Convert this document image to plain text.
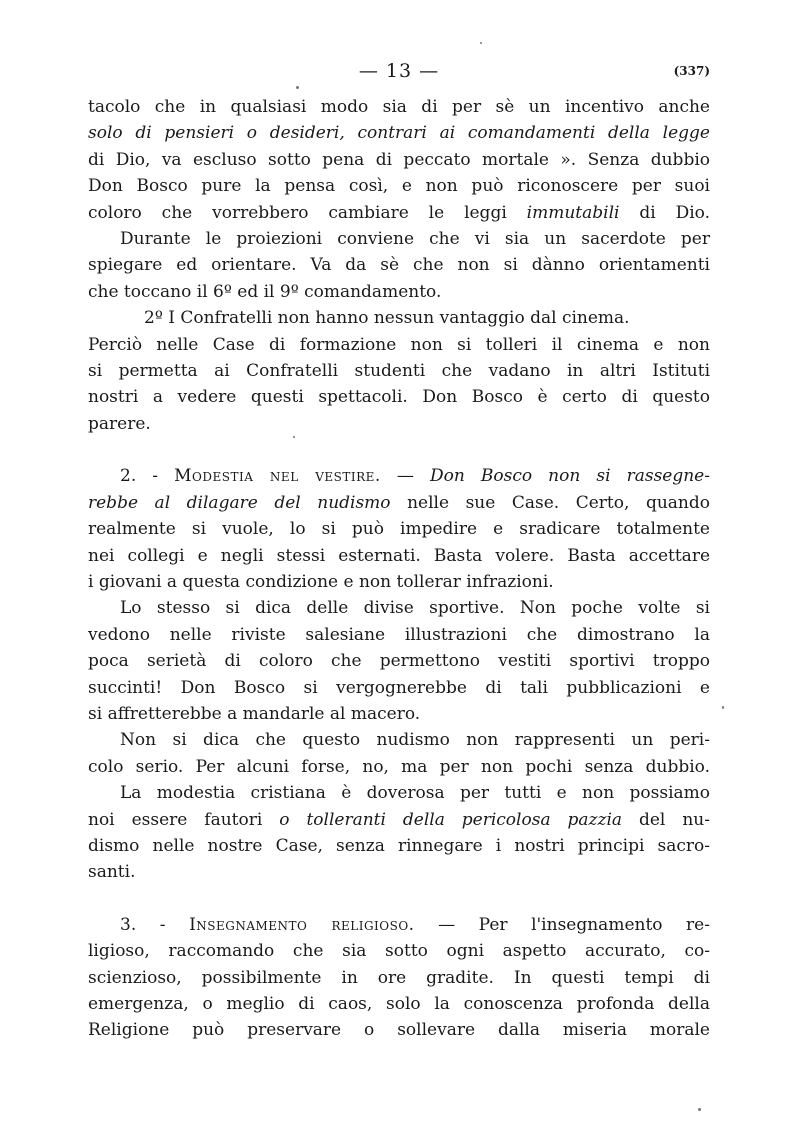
— 13 —	(337)

tacolo che in qualsiasi modo sia di per sè un incentivo anche
solo di pensieri o desideri, contrari ai comandamenti della legge
di Dio, va escluso sotto pena di peccato mortale ». Senza dubbio
Don Bosco pure la pensa così, e non può riconoscere per suoi
coloro che vorrebbero cambiare le leggi immutabili di Dio.

Durante le proiezioni conviene che vi sia un sacerdote per
spiegare ed orientare. Va da sè che non si dànno orientamenti
che toccano il 6º ed il 9º comandamento.

2º I Confratelli non hanno nessun vantaggio dal cinema.
Perciò nelle Case di formazione non si tolleri il cinema e non
si permetta ai Confratelli studenti che vadano in altri Istituti
nostri a vedere questi spettacoli. Don Bosco è certo di questo
parere.

2. - Modestia nel vestire. — Don Bosco non si rassegne-
rebbe al dilagare del nudismo nelle sue Case. Certo, quando
realmente si vuole, lo si può impedire e sradicare totalmente
nei collegi e negli stessi esternati. Basta volere. Basta accettare
i giovani a questa condizione e non tollerar infrazioni.

Lo stesso si dica delle divise sportive. Non poche volte si
vedono nelle riviste salesiane illustrazioni che dimostrano la
poca serietà di coloro che permettono vestiti sportivi troppo
succinti! Don Bosco si vergognerebbe di tali pubblicazioni e
si affretterebbe a mandarle al macero.

Non si dica che questo nudismo non rappresenti un peri-
colo serio. Per alcuni forse, no, ma per non pochi senza dubbio.

La modestia cristiana è doverosa per tutti e non possiamo
noi essere fautori o tolleranti della pericolosa pazzia del nu-
dismo nelle nostre Case, senza rinnegare i nostri principi sacro-
santi.

3. - Insegnamento religioso. — Per l'insegnamento re-
ligioso, raccomando che sia sotto ogni aspetto accurato, co-
scienzioso, possibilmente in ore gradite. In questi tempi di
emergenza, o meglio di caos, solo la conoscenza profonda della
Religione può preservare o sollevare dalla miseria morale
